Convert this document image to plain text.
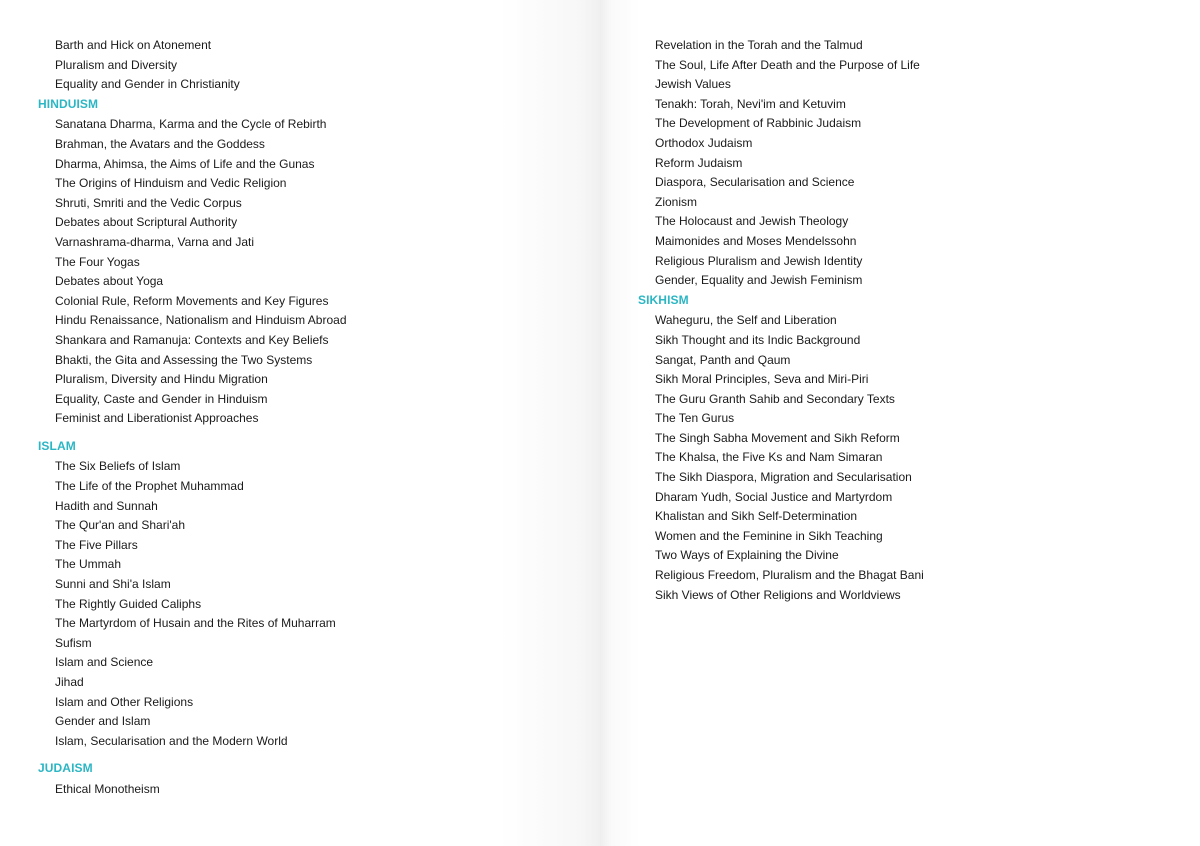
Barth and Hick on Atonement
Pluralism and Diversity
Equality and Gender in Christianity
HINDUISM
Sanatana Dharma, Karma and the Cycle of Rebirth
Brahman, the Avatars and the Goddess
Dharma, Ahimsa, the Aims of Life and the Gunas
The Origins of Hinduism and Vedic Religion
Shruti, Smriti and the Vedic Corpus
Debates about Scriptural Authority
Varnashrama-dharma, Varna and Jati
The Four Yogas
Debates about Yoga
Colonial Rule, Reform Movements and Key Figures
Hindu Renaissance, Nationalism and Hinduism Abroad
Shankara and Ramanuja: Contexts and Key Beliefs
Bhakti, the Gita and Assessing the Two Systems
Pluralism, Diversity and Hindu Migration
Equality, Caste and Gender in Hinduism
Feminist and Liberationist Approaches
ISLAM
The Six Beliefs of Islam
The Life of the Prophet Muhammad
Hadith and Sunnah
The Qur'an and Shari'ah
The Five Pillars
The Ummah
Sunni and Shi'a Islam
The Rightly Guided Caliphs
The Martyrdom of Husain and the Rites of Muharram
Sufism
Islam and Science
Jihad
Islam and Other Religions
Gender and Islam
Islam, Secularisation and the Modern World
JUDAISM
Ethical Monotheism
Revelation in the Torah and the Talmud
The Soul, Life After Death and the Purpose of Life
Jewish Values
Tenakh: Torah, Nevi'im and Ketuvim
The Development of Rabbinic Judaism
Orthodox Judaism
Reform Judaism
Diaspora, Secularisation and Science
Zionism
The Holocaust and Jewish Theology
Maimonides and Moses Mendelssohn
Religious Pluralism and Jewish Identity
Gender, Equality and Jewish Feminism
SIKHISM
Waheguru, the Self and Liberation
Sikh Thought and its Indic Background
Sangat, Panth and Qaum
Sikh Moral Principles, Seva and Miri-Piri
The Guru Granth Sahib and Secondary Texts
The Ten Gurus
The Singh Sabha Movement and Sikh Reform
The Khalsa, the Five Ks and Nam Simaran
The Sikh Diaspora, Migration and Secularisation
Dharam Yudh, Social Justice and Martyrdom
Khalistan and Sikh Self-Determination
Women and the Feminine in Sikh Teaching
Two Ways of Explaining the Divine
Religious Freedom, Pluralism and the Bhagat Bani
Sikh Views of Other Religions and Worldviews
